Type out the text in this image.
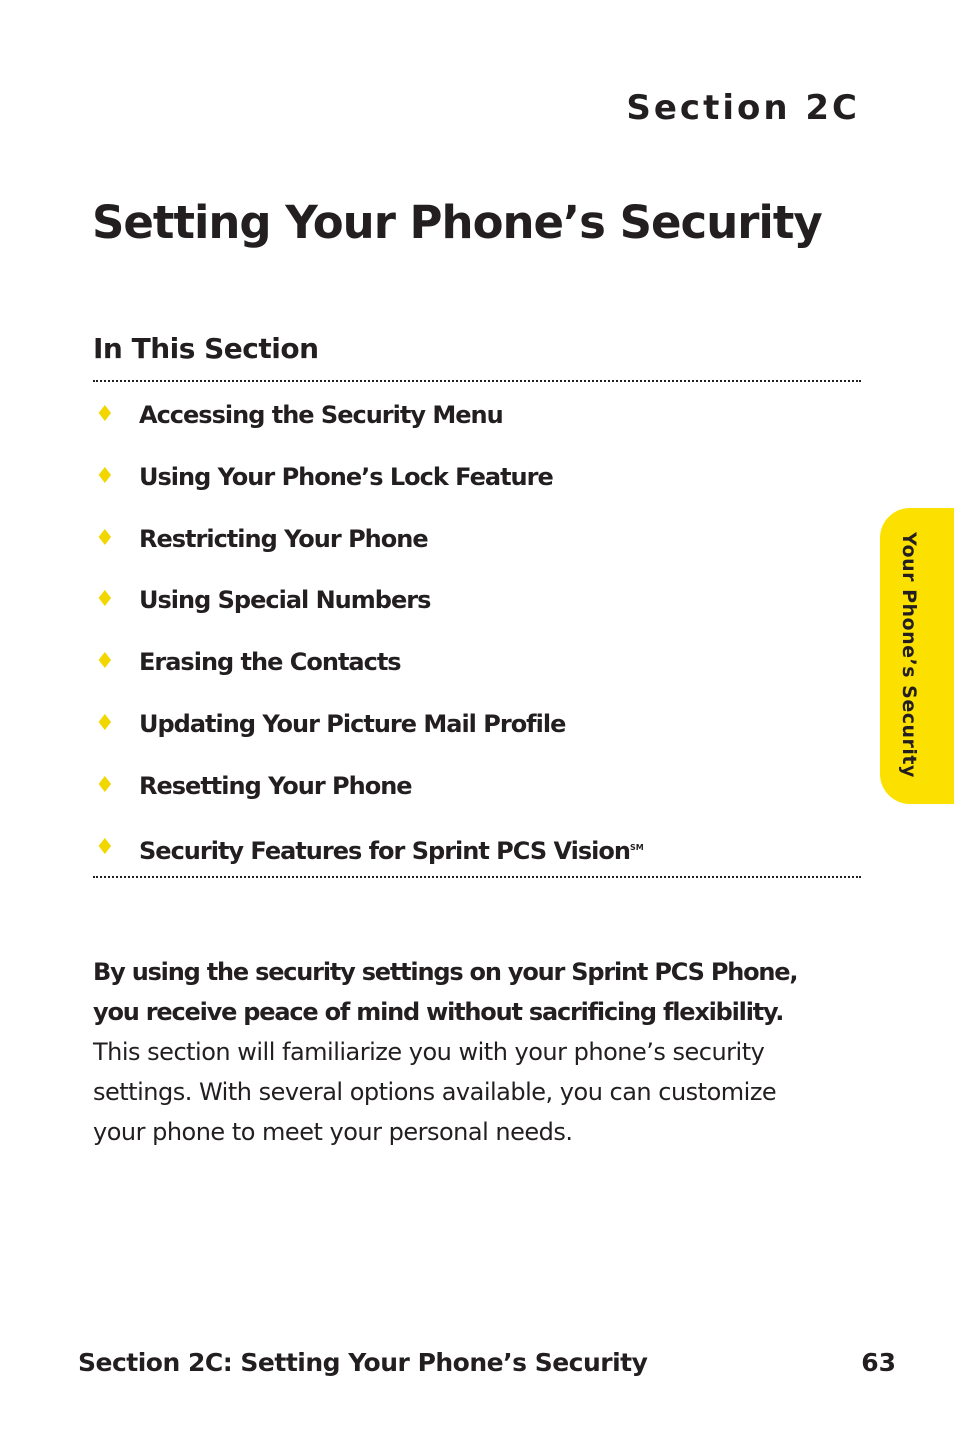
Section 2C
Setting Your Phone’s Security
In This Section
♦ Accessing the Security Menu
♦ Using Your Phone’s Lock Feature
♦ Restricting Your Phone
♦ Using Special Numbers
♦ Erasing the Contacts
♦ Updating Your Picture Mail Profile
♦ Resetting Your Phone
♦ Security Features for Sprint PCS Vision℠

By using the security settings on your Sprint PCS Phone, you receive peace of mind without sacrificing flexibility. This section will familiarize you with your phone’s security settings. With several options available, you can customize your phone to meet your personal needs.

Your Phone’s Security
Section 2C: Setting Your Phone’s Security	63
